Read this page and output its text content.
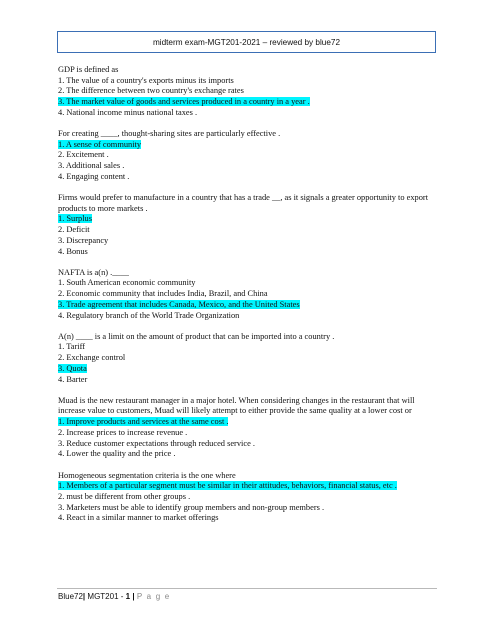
midterm exam-MGT201-2021 – reviewed by blue72
GDP is defined as
1. The value of a country's exports minus its imports
2. The difference between two country's exchange rates
3. The market value of goods and services produced in a country in a year .
4. National income minus national taxes .
For creating ____, thought-sharing sites are particularly effective .
1. A sense of community
2. Excitement .
3. Additional sales .
4. Engaging content .
Firms would prefer to manufacture in a country that has a trade __, as it signals a greater opportunity to export products to more markets .
1. Surplus
2. Deficit
3. Discrepancy
4. Bonus
NAFTA is a(n) .____
1. South American economic community
2. Economic community that includes India, Brazil, and China
3. Trade agreement that includes Canada, Mexico, and the United States
4. Regulatory branch of the World Trade Organization
A(n) ____ is a limit on the amount of product that can be imported into a country .
1. Tariff
2. Exchange control
3. Quota
4. Barter
Muad is the new restaurant manager in a major hotel. When considering changes in the restaurant that will increase value to customers, Muad will likely attempt to either provide the same quality at a lower cost or
1. Improve products and services at the same cost .
2. Increase prices to increase revenue .
3. Reduce customer expectations through reduced service .
4. Lower the quality and the price .
Homogeneous segmentation criteria is the one where
1. Members of a particular segment must be similar in their attitudes, behaviors, financial status, etc .
2. must be different from other groups .
3. Marketers must be able to identify group members and non-group members .
4. React in a similar manner to market offerings
Blue72| MGT201 - 1 | P a g e
